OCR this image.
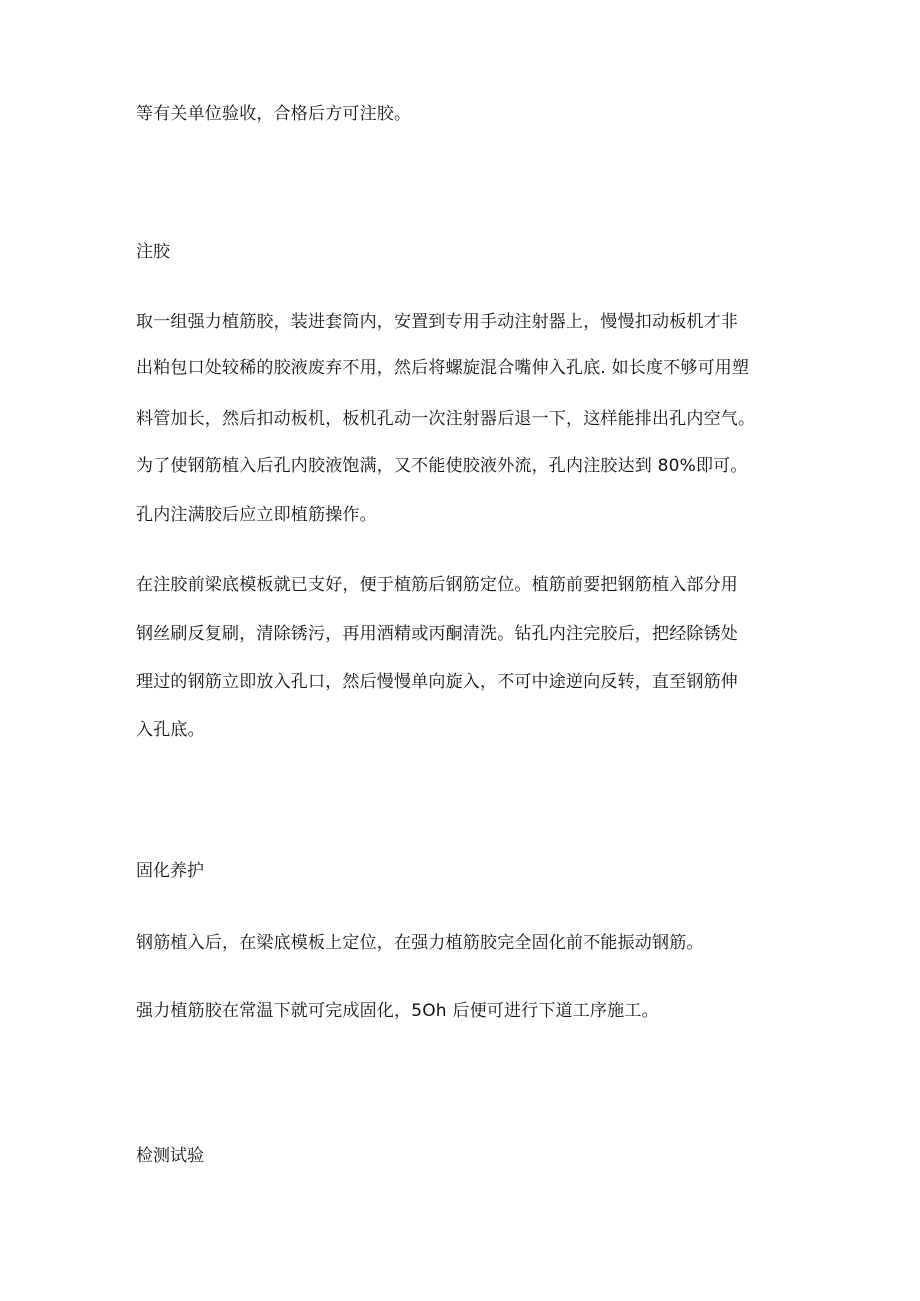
等有关单位验收，合格后方可注胶。
注胶
取一组强力植筋胶，装进套筒内，安置到专用手动注射器上，慢慢扣动板机才非
出粕包口处较稀的胶液废弃不用，然后将螺旋混合嘴伸入孔底. 如长度不够可用塑
料管加长，然后扣动板机，板机孔动一次注射器后退一下，这样能排出孔内空气。
为了使钢筋植入后孔内胶液饱满，又不能使胶液外流，孔内注胶达到 80%即可。
孔内注满胶后应立即植筋操作。
在注胶前梁底模板就已支好，便于植筋后钢筋定位。植筋前要把钢筋植入部分用
钢丝刷反复刷，清除锈污，再用酒精或丙酮清洗。钻孔内注完胶后，把经除锈处
理过的钢筋立即放入孔口，然后慢慢单向旋入，不可中途逆向反转，直至钢筋伸
入孔底。
固化养护
钢筋植入后，在梁底模板上定位，在强力植筋胶完全固化前不能振动钢筋。
强力植筋胶在常温下就可完成固化，5Oh 后便可进行下道工序施工。
检测试验
